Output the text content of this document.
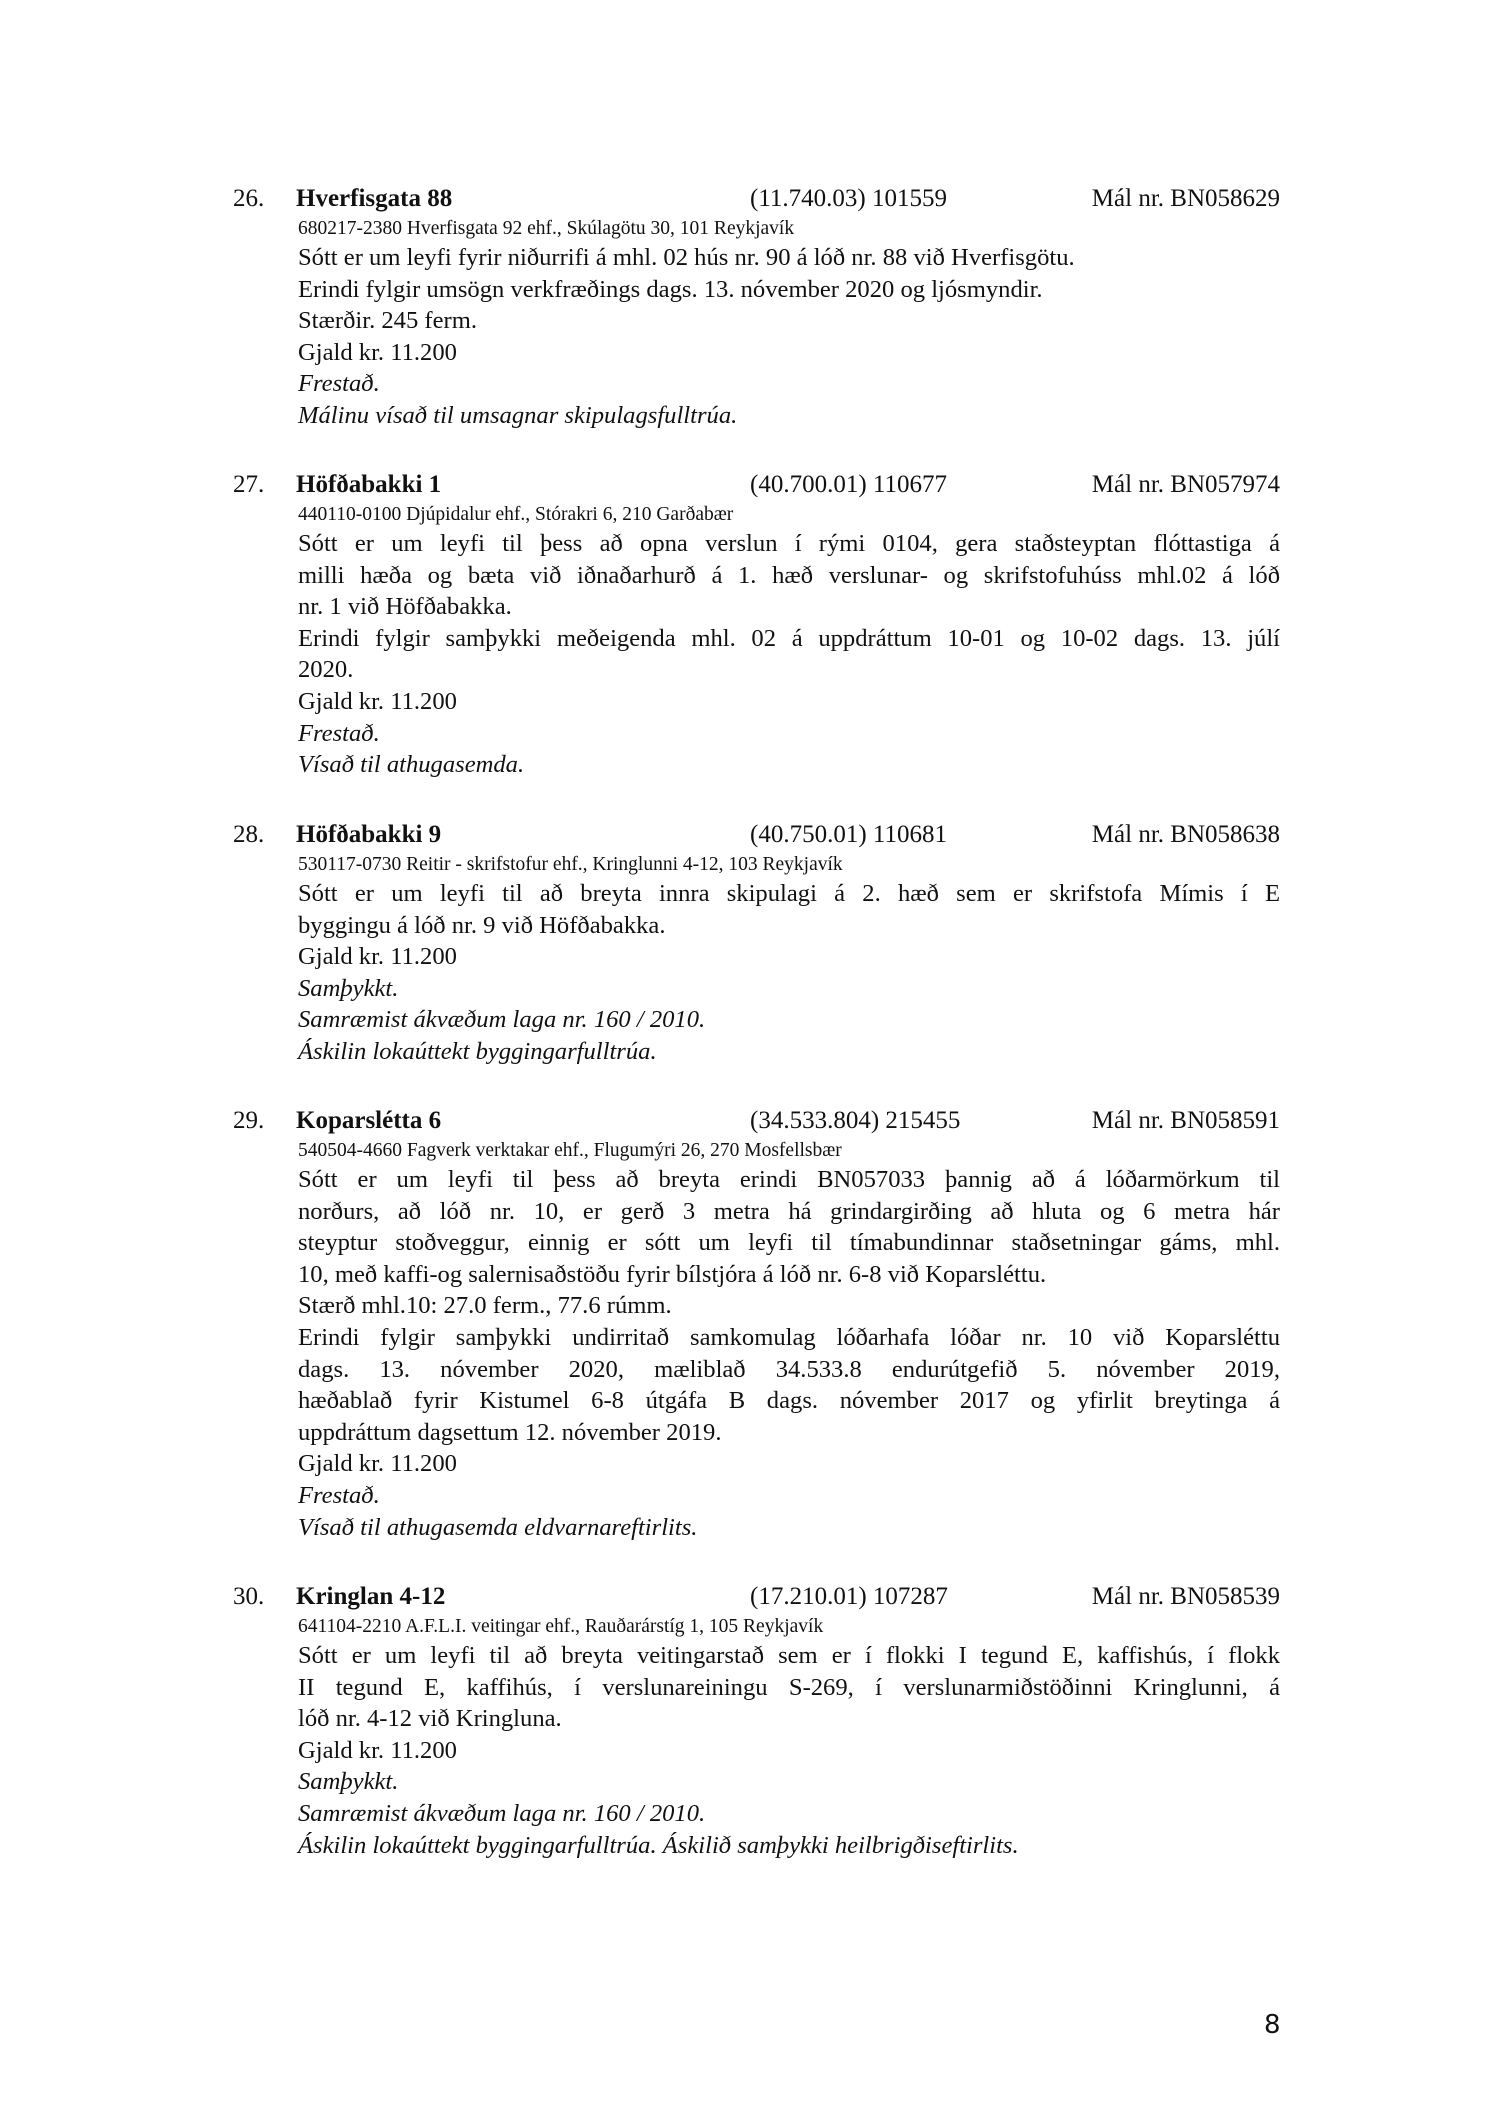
26. Hverfisgata 88	(11.740.03) 101559	Mál nr. BN058629
680217-2380 Hverfisgata 92 ehf., Skúlagötu 30, 101 Reykjavík
Sótt er um leyfi fyrir niðurrifi á mhl. 02 hús nr. 90 á lóð nr. 88 við Hverfisgötu.
Erindi fylgir umsögn verkfræðings dags. 13. nóvember 2020 og ljósmyndir.
Stærðir. 245 ferm.
Gjald kr. 11.200
Frestað.
Málinu vísað til umsagnar skipulagsfulltrúa.
27. Höfðabakki 1	(40.700.01) 110677	Mál nr. BN057974
440110-0100 Djúpidalur ehf., Stórakri 6, 210 Garðabær
Sótt er um leyfi til þess að opna verslun í rými 0104, gera staðsteyptan flóttastiga á
milli hæða og bæta við iðnaðarhurð á 1. hæð verslunar- og skrifstofuhúss mhl.02 á lóð
nr. 1 við Höfðabakka.
Erindi fylgir samþykki meðeigenda mhl. 02 á uppdráttum 10-01 og 10-02 dags. 13. júlí
2020.
Gjald kr. 11.200
Frestað.
Vísað til athugasemda.
28. Höfðabakki 9	(40.750.01) 110681	Mál nr. BN058638
530117-0730 Reitir - skrifstofur ehf., Kringlunni 4-12, 103 Reykjavík
Sótt er um leyfi til að breyta innra skipulagi á 2. hæð sem er skrifstofa Mímis í E
byggingu á lóð nr. 9 við Höfðabakka.
Gjald kr. 11.200
Samþykkt.
Samræmist ákvæðum laga nr. 160 / 2010.
Áskilin lokaúttekt byggingarfulltrúa.
29. Koparslétta 6	(34.533.804) 215455	Mál nr. BN058591
540504-4660 Fagverk verktakar ehf., Flugumýri 26, 270 Mosfellsbær
Sótt er um leyfi til þess að breyta erindi BN057033 þannig að á lóðarmörkum til
norðurs, að lóð nr. 10, er gerð 3 metra há grindargirðing að hluta og 6 metra hár
steyptur stoðveggur, einnig er sótt um leyfi til tímabundinnar staðsetningar gáms, mhl.
10, með kaffi-og salernisaðstöðu fyrir bílstjóra á lóð nr. 6-8 við Koparsléttu.
Stærð mhl.10: 27.0 ferm., 77.6 rúmm.
Erindi fylgir samþykki undirritað samkomulag lóðarhafa lóðar nr. 10 við Koparsléttu
dags. 13. nóvember 2020, mæliblað 34.533.8 endurútgefið 5. nóvember 2019,
hæðablað fyrir Kistumel 6-8 útgáfa B dags. nóvember 2017 og yfirlit breytinga á
uppdráttum dagsettum 12. nóvember 2019.
Gjald kr. 11.200
Frestað.
Vísað til athugasemda eldvarnareftirlits.
30. Kringlan 4-12	(17.210.01) 107287	Mál nr. BN058539
641104-2210 A.F.L.I. veitingar ehf., Rauðarárstíg 1, 105 Reykjavík
Sótt er um leyfi til að breyta veitingarstað sem er í flokki I tegund E, kaffishús, í flokk
II tegund E, kaffihús, í verslunareiningu S-269, í verslunarmiðstöðinni Kringlunni, á
lóð nr. 4-12 við Kringluna.
Gjald kr. 11.200
Samþykkt.
Samræmist ákvæðum laga nr. 160 / 2010.
Áskilin lokaúttekt byggingarfulltrúa. Áskilið samþykki heilbrigðiseftirlits.
8
